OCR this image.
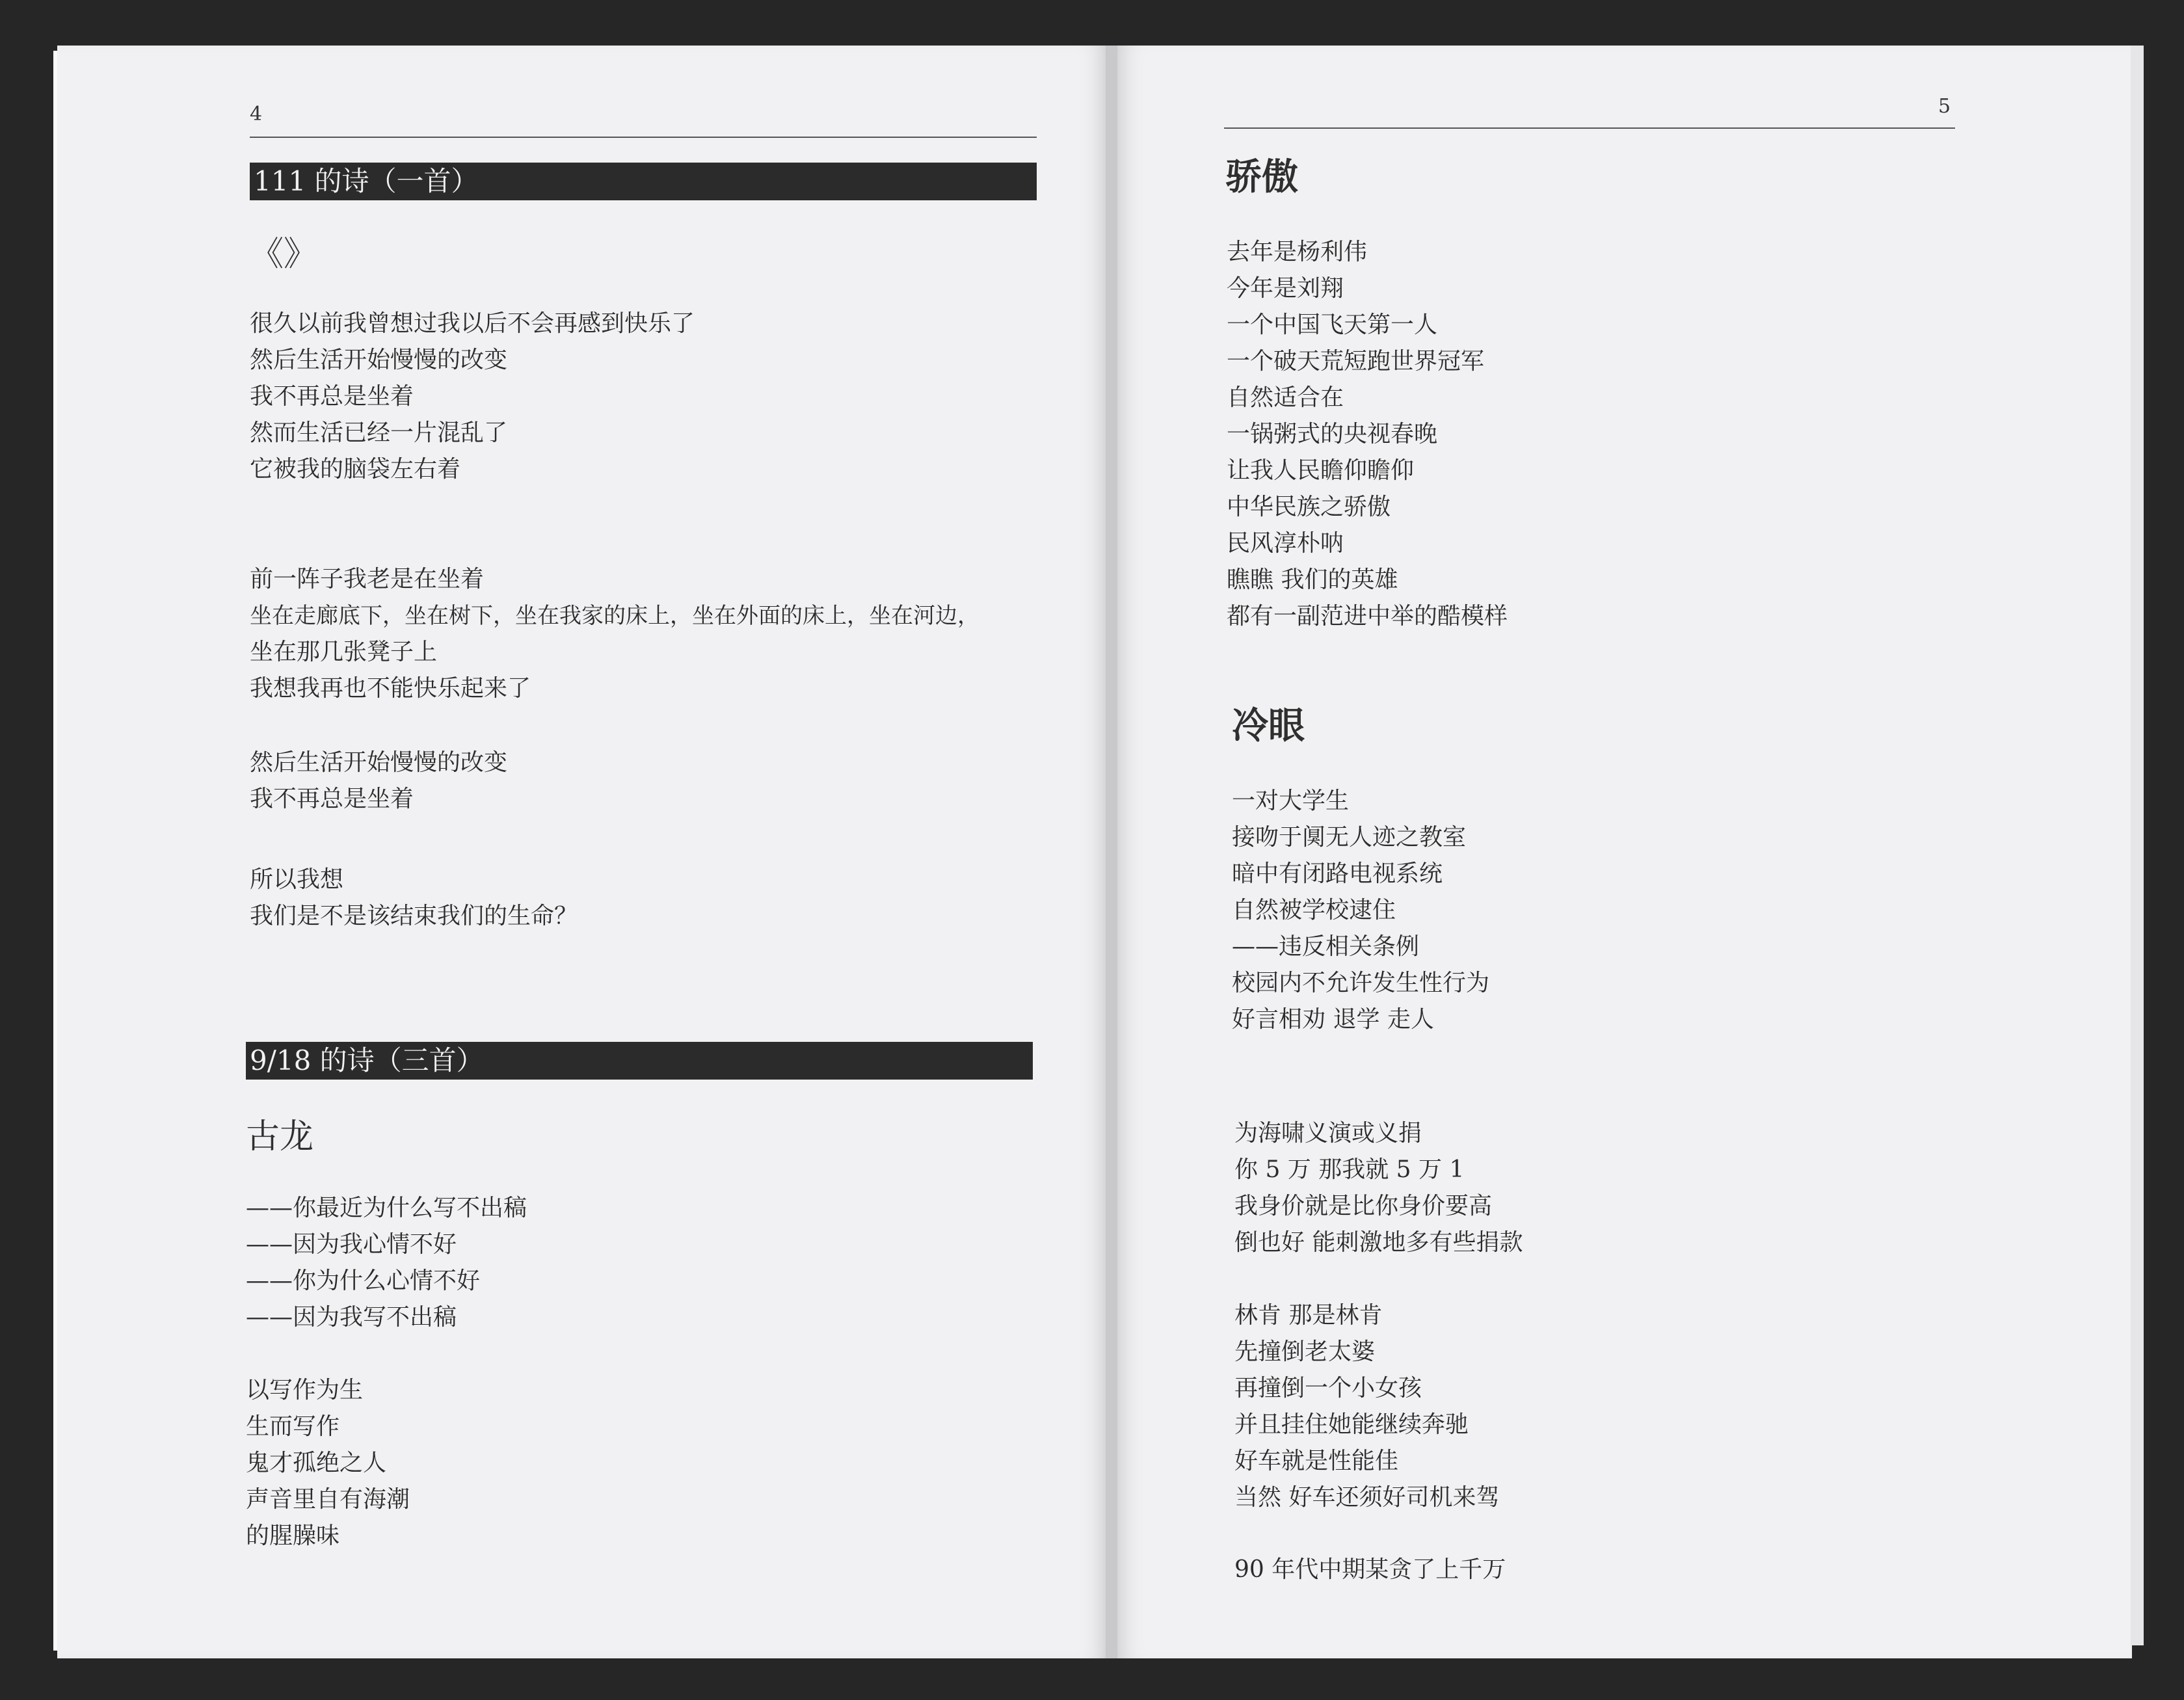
4
111 的诗（一首）
《》
很久以前我曾想过我以后不会再感到快乐了
然后生活开始慢慢的改变
我不再总是坐着
然而生活已经一片混乱了
它被我的脑袋左右着
前一阵子我老是在坐着
坐在走廊底下，坐在树下，坐在我家的床上，坐在外面的床上，坐在河边，
坐在那几张凳子上
我想我再也不能快乐起来了
然后生活开始慢慢的改变
我不再总是坐着
所以我想
我们是不是该结束我们的生命？
9/18 的诗（三首）
古龙
——你最近为什么写不出稿
——因为我心情不好
——你为什么心情不好
——因为我写不出稿
以写作为生
生而写作
鬼才孤绝之人
声音里自有海潮
的腥臊味
5
骄傲
去年是杨利伟
今年是刘翔
一个中国飞天第一人
一个破天荒短跑世界冠军
自然适合在
一锅粥式的央视春晚
让我人民瞻仰瞻仰
中华民族之骄傲
民风淳朴呐
瞧瞧 我们的英雄
都有一副范进中举的酷模样
冷眼
一对大学生
接吻于阒无人迹之教室
暗中有闭路电视系统
自然被学校逮住
——违反相关条例
校园内不允许发生性行为
好言相劝 退学 走人
为海啸义演或义捐
你 5 万 那我就 5 万 1
我身价就是比你身价要高
倒也好 能刺激地多有些捐款
林肯 那是林肯
先撞倒老太婆
再撞倒一个小女孩
并且挂住她能继续奔驰
好车就是性能佳
当然 好车还须好司机来驾
90 年代中期某贪了上千万
